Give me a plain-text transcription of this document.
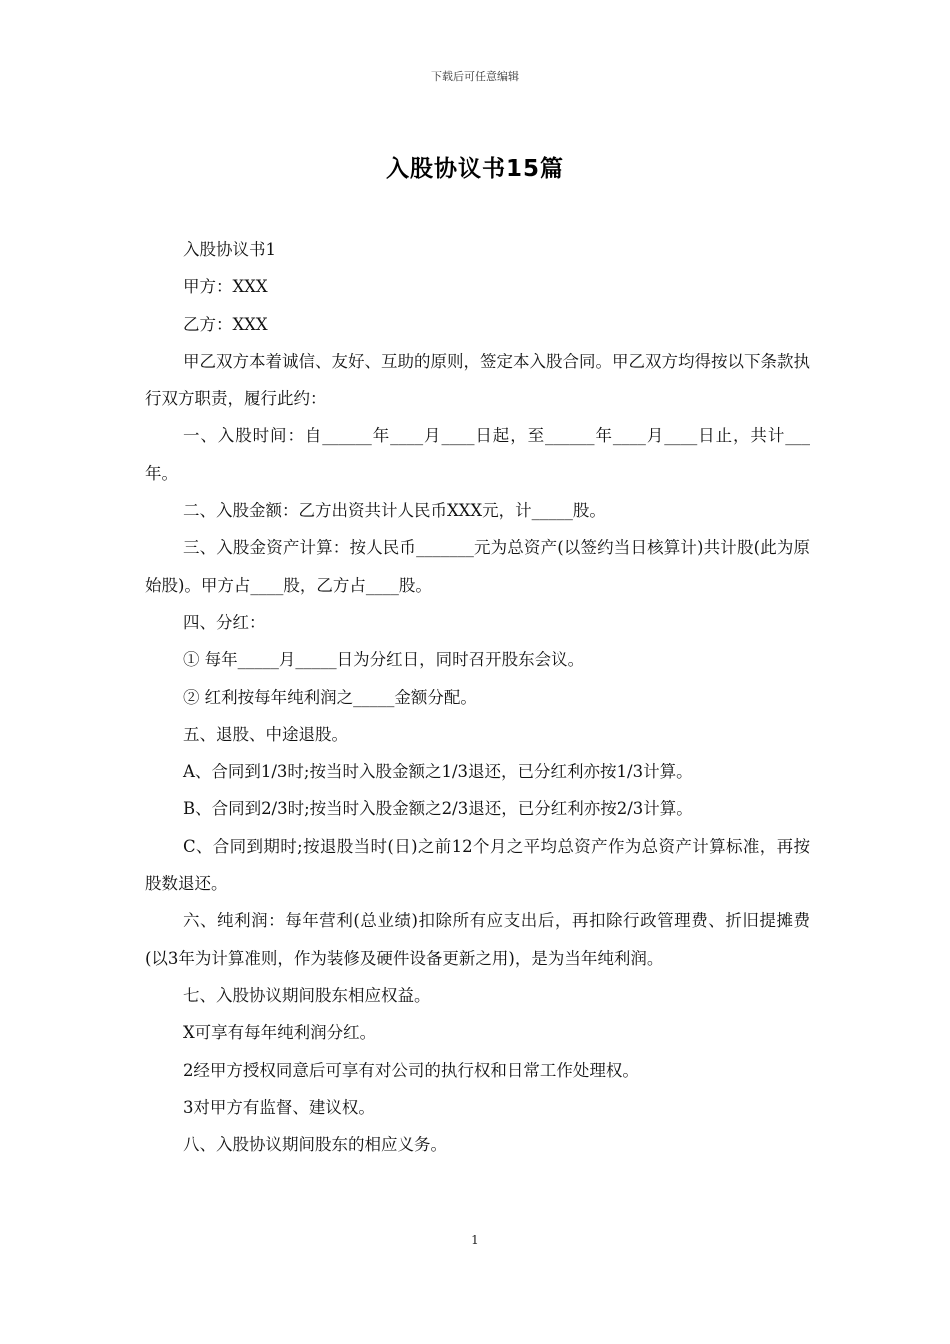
下载后可任意编辑
入股协议书15篇

入股协议书1

甲方：XXX

乙方：XXX

甲乙双方本着诚信、友好、互助的原则，签定本入股合同。甲乙双方均得按以下条款执行双方职责，履行此约：

一、入股时间：自______年____月____日起，至______年____月____日止，共计___年。

二、入股金额：乙方出资共计人民币XXX元，计_____股。

三、入股金资产计算：按人民币_______元为总资产(以签约当日核算计)共计股(此为原始股)。甲方占____股，乙方占____股。

四、分红：

① 每年_____月_____日为分红日，同时召开股东会议。

② 红利按每年纯利润之_____金额分配。

五、退股、中途退股。

A、合同到1/3时;按当时入股金额之1/3退还，已分红利亦按1/3计算。

B、合同到2/3时;按当时入股金额之2/3退还，已分红利亦按2/3计算。

C、合同到期时;按退股当时(日)之前12个月之平均总资产作为总资产计算标准，再按股数退还。

六、纯利润：每年营利(总业绩)扣除所有应支出后，再扣除行政管理费、折旧提摊费(以3年为计算准则，作为装修及硬件设备更新之用)，是为当年纯利润。

七、入股协议期间股东相应权益。

X可享有每年纯利润分红。

2经甲方授权同意后可享有对公司的执行权和日常工作处理权。

3对甲方有监督、建议权。

八、入股协议期间股东的相应义务。

1
